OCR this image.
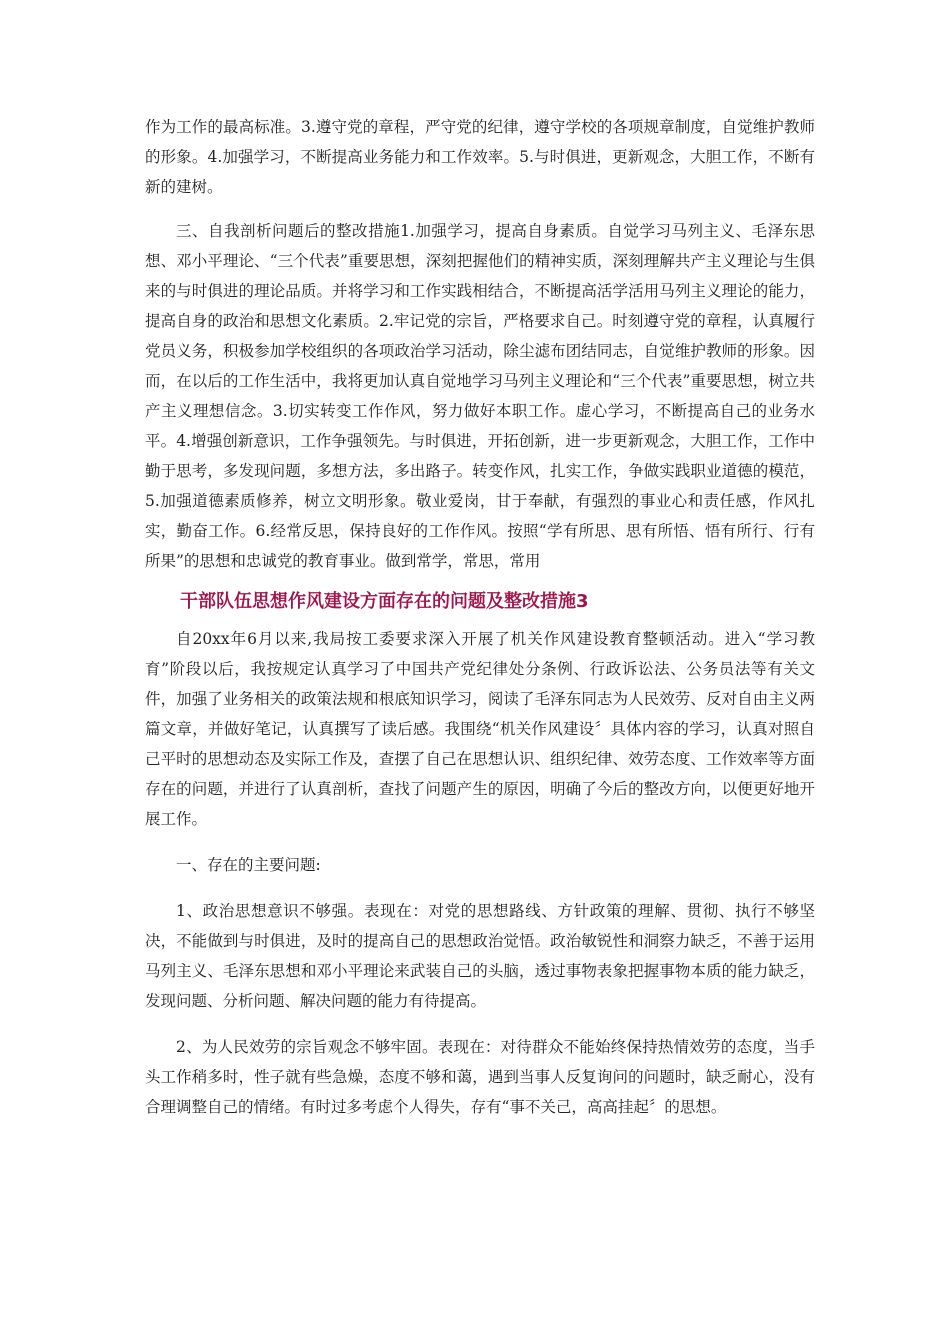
作为工作的最高标准。3.遵守党的章程，严守党的纪律，遵守学校的各项规章制度，自觉维护教师的形象。4.加强学习，不断提高业务能力和工作效率。5.与时俱进，更新观念，大胆工作，不断有新的建树。

三、自我剖析问题后的整改措施1.加强学习，提高自身素质。自觉学习马列主义、毛泽东思想、邓小平理论、“三个代表”重要思想，深刻把握他们的精神实质，深刻理解共产主义理论与生俱来的与时俱进的理论品质。并将学习和工作实践相结合，不断提高活学活用马列主义理论的能力，提高自身的政治和思想文化素质。2.牢记党的宗旨，严格要求自己。时刻遵守党的章程，认真履行党员义务，积极参加学校组织的各项政治学习活动，除尘滤布团结同志，自觉维护教师的形象。因而，在以后的工作生活中，我将更加认真自觉地学习马列主义理论和“三个代表”重要思想，树立共产主义理想信念。3.切实转变工作作风，努力做好本职工作。虚心学习，不断提高自己的业务水平。4.增强创新意识，工作争强领先。与时俱进，开拓创新，进一步更新观念，大胆工作，工作中勤于思考，多发现问题，多想方法，多出路子。转变作风，扎实工作，争做实践职业道德的模范，5.加强道德素质修养，树立文明形象。敬业爱岗，甘于奉献，有强烈的事业心和责任感，作风扎实，勤奋工作。6.经常反思，保持良好的工作作风。按照“学有所思、思有所悟、悟有所行、行有所果”的思想和忠诚党的教育事业。做到常学，常思，常用

干部队伍思想作风建设方面存在的问题及整改措施3

自20xx年6月以来,我局按工委要求深入开展了机关作风建设教育整顿活动。进入“学习教育”阶段以后，我按规定认真学习了中国共产党纪律处分条例、行政诉讼法、公务员法等有关文件，加强了业务相关的政策法规和根底知识学习，阅读了毛泽东同志为人民效劳、反对自由主义两篇文章，并做好笔记，认真撰写了读后感。我围绕“机关作风建设〞具体内容的学习，认真对照自己平时的思想动态及实际工作及，查摆了自己在思想认识、组织纪律、效劳态度、工作效率等方面存在的问题，并进行了认真剖析，查找了问题产生的原因，明确了今后的整改方向，以便更好地开展工作。

一、存在的主要问题:

1、政治思想意识不够强。表现在：对党的思想路线、方针政策的理解、贯彻、执行不够坚决，不能做到与时俱进，及时的提高自己的思想政治觉悟。政治敏锐性和洞察力缺乏，不善于运用马列主义、毛泽东思想和邓小平理论来武装自己的头脑，透过事物表象把握事物本质的能力缺乏，发现问题、分析问题、解决问题的能力有待提高。

2、为人民效劳的宗旨观念不够牢固。表现在：对待群众不能始终保持热情效劳的态度，当手头工作稍多时，性子就有些急燥，态度不够和蔼，遇到当事人反复询问的问题时，缺乏耐心，没有合理调整自己的情绪。有时过多考虑个人得失，存有“事不关己，高高挂起〞的思想。
